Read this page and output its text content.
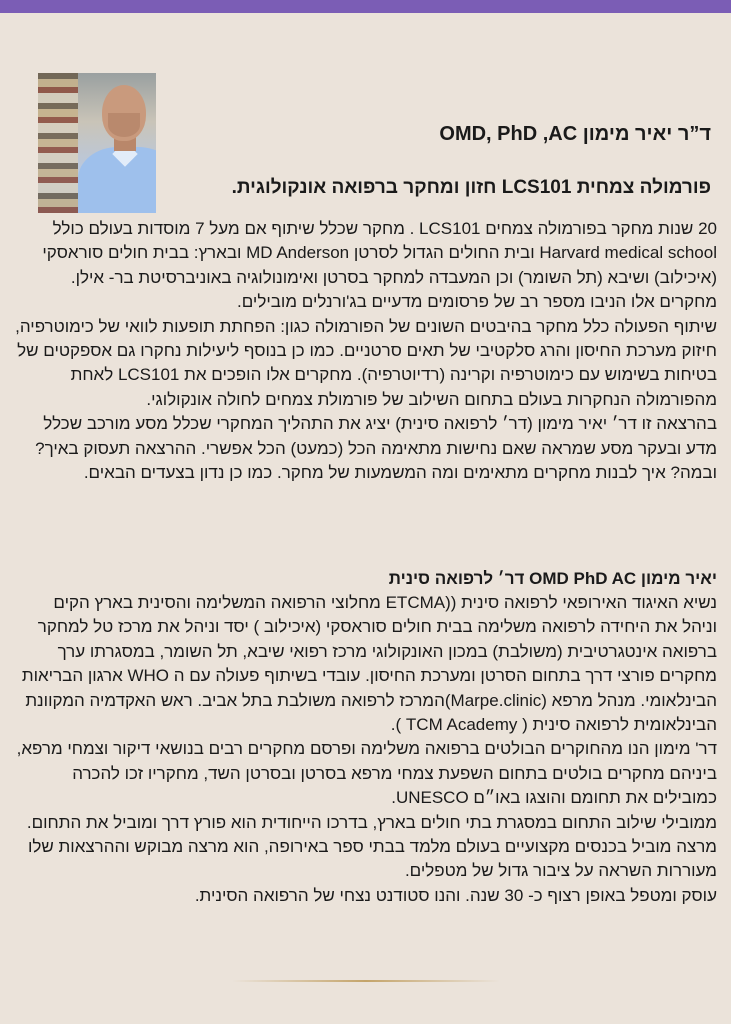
ד”ר יאיר מימון OMD, PhD ,AC
פורמולה צמחית LCS101 חזון ומחקר ברפואה אונקולוגית.

20 שנות מחקר בפורמולה צמחים LCS101 . מחקר שכלל שיתוף אם מעל 7 מוסדות בעולם כולל Harvard medical school ובית החולים הגדול לסרטן MD Anderson ובארץ: בבית חולים סוראסקי (איכילוב) ושיבא (תל השומר) וכן המעבדה למחקר בסרטן ואימונולוגיה באוניברסיטת בר- אילן. מחקרים אלו הניבו מספר רב של פרסומים מדעיים בג'ורנלים מובילים.

שיתוף הפעולה כלל מחקר בהיבטים השונים של הפורמולה כגון: הפחתת תופעות לוואי של כימוטרפיה, חיזוק מערכת החיסון והרג סלקטיבי של תאים סרטניים. כמו כן בנוסף ליעילות נחקרו גם אספקטים של בטיחות בשימוש עם כימוטרפיה וקרינה (רדיוטרפיה). מחקרים אלו הופכים את LCS101 לאחת מהפורמולה הנחקרות בעולם בתחום השילוב של פורמולת צמחים לחולה אונקולוגי.

בהרצאה זו דר׳ יאיר מימון (דר׳ לרפואה סינית) יציג את התהליך המחקרי שכלל מסע מורכב שכלל מדע ובעקר מסע שמראה שאם נחישות מתאימה הכל (כמעט) הכל אפשרי. ההרצאה תעסוק באיך? ובמה? איך לבנות מחקרים מתאימים ומה המשמעות של מחקר. כמו כן נדון בצעדים הבאים.

יאיר מימון OMD PhD AC דר׳ לרפואה סינית

נשיא האיגוד האירופאי לרפואה סינית ((ETCMA מחלוצי הרפואה המשלימה והסינית בארץ הקים וניהל את היחידה לרפואה משלימה בבית חולים סוראסקי (איכילוב ) יסד וניהל את מרכז טל למחקר ברפואה אינטגרטיבית (משולבת) במכון האונקולוגי מרכז רפואי שיבא, תל השומר, במסגרתו ערך מחקרים פורצי דרך בתחום הסרטן ומערכת החיסון. עובדי בשיתוף פעולה עם ה WHO ארגון הבריאות הבינלאומי. מנהל מרפא (Marpe.clinic)המרכז לרפואה משולבת בתל אביב. ראש האקדמיה המקוונת הבינלאומית לרפואה סינית ( TCM Academy ).

דר' מימון הנו מהחוקרים הבולטים ברפואה משלימה ופרסם מחקרים רבים בנושאי דיקור וצמחי מרפא, ביניהם מחקרים בולטים בתחום השפעת צמחי מרפא בסרטן ובסרטן השד, מחקריו זכו להכרה כמובילים את תחומם והוצגו באו״ם UNESCO.

ממובילי שילוב התחום במסגרת בתי חולים בארץ, בדרכו הייחודית הוא פורץ דרך ומוביל את התחום.

מרצה מוביל בכנסים מקצועיים בעולם מלמד בבתי ספר באירופה, הוא מרצה מבוקש וההרצאות שלו מעוררות השראה על ציבור גדול של מטפלים.

עוסק ומטפל באופן רצוף כ- 30 שנה. והנו סטודנט נצחי של הרפואה הסינית.
